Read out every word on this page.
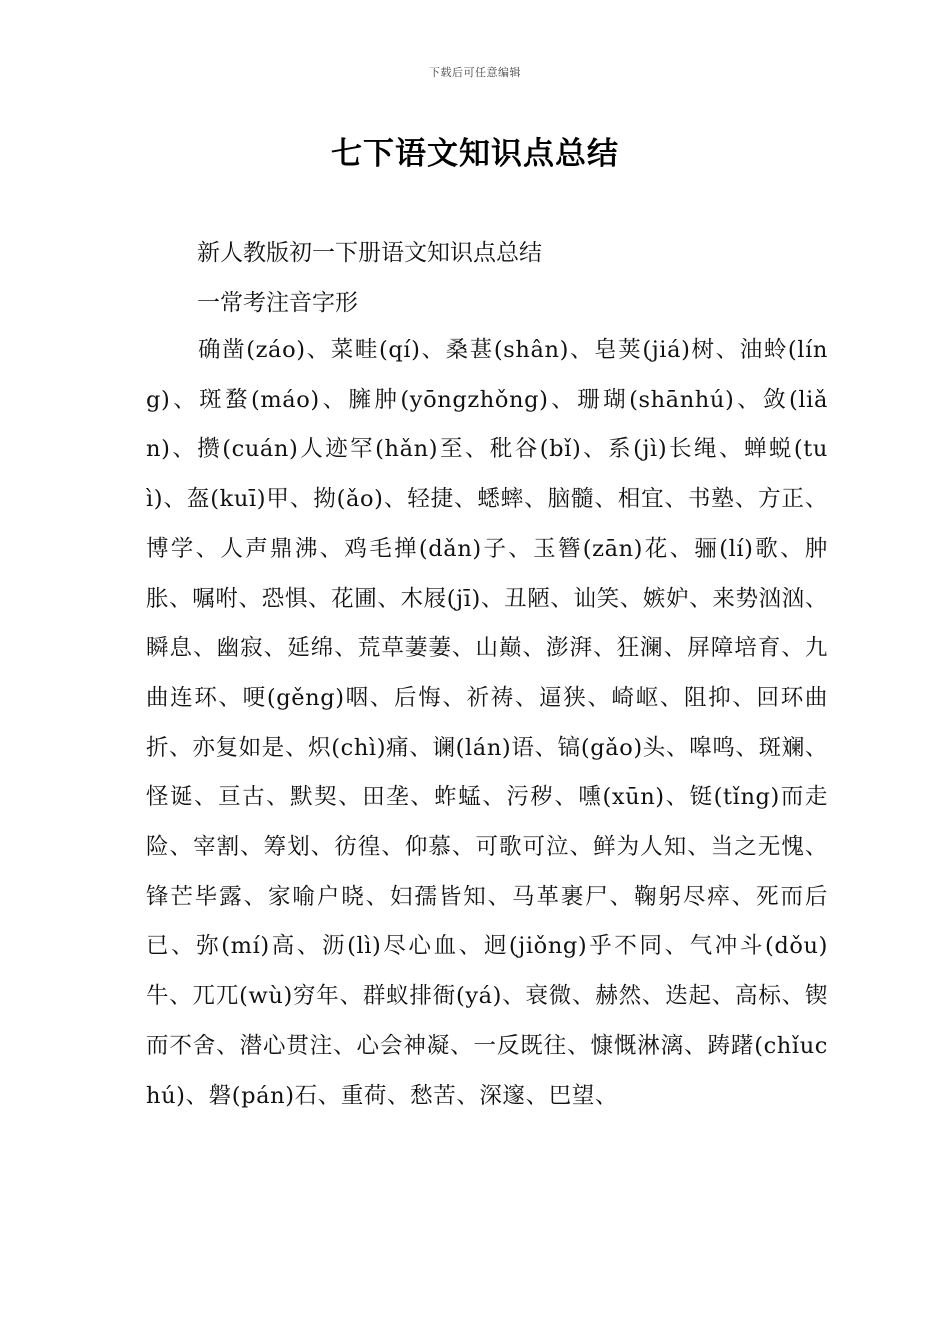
下载后可任意编辑
七下语文知识点总结
新人教版初一下册语文知识点总结
一常考注音字形
确凿(záo)、菜畦(qí)、桑葚(shân)、皂荚(jiá)树、油蛉(líng)、斑蝥(máo)、臃肿(yōngzhǒng)、珊瑚(shānhú)、敛(liǎn)、攒(cuán)人迹罕(hǎn)至、秕谷(bǐ)、系(jì)长绳、蝉蜕(tuì)、盔(kuī)甲、拗(ǎo)、轻捷、蟋蟀、脑髓、相宜、书塾、方正、博学、人声鼎沸、鸡毛掸(dǎn)子、玉簪(zān)花、骊(lí)歌、肿胀、嘱咐、恐惧、花圃、木屐(jī)、丑陋、讪笑、嫉妒、来势汹汹、瞬息、幽寂、延绵、荒草萋萋、山巅、澎湃、狂澜、屏障培育、九曲连环、哽(gěng)咽、后悔、祈祷、逼狭、崎岖、阻抑、回环曲折、亦复如是、炽(chì)痛、谰(lán)语、镐(gǎo)头、嗥鸣、斑斓、怪诞、亘古、默契、田垄、蚱蜢、污秽、嚑(xūn)、铤(tǐng)而走险、宰割、筹划、彷徨、仰慕、可歌可泣、鲜为人知、当之无愧、锋芒毕露、家喻户晓、妇孺皆知、马革裹尸、鞠躬尽瘁、死而后已、弥(mí)高、沥(lì)尽心血、迥(jiǒng)乎不同、气冲斗(dǒu)牛、兀兀(wù)穷年、群蚁排衙(yá)、衰微、赫然、迭起、高标、锲而不舍、潜心贯注、心会神凝、一反既往、慷慨淋漓、踌躇(chǐuchú)、磐(pán)石、重荷、愁苦、深邃、巴望、
